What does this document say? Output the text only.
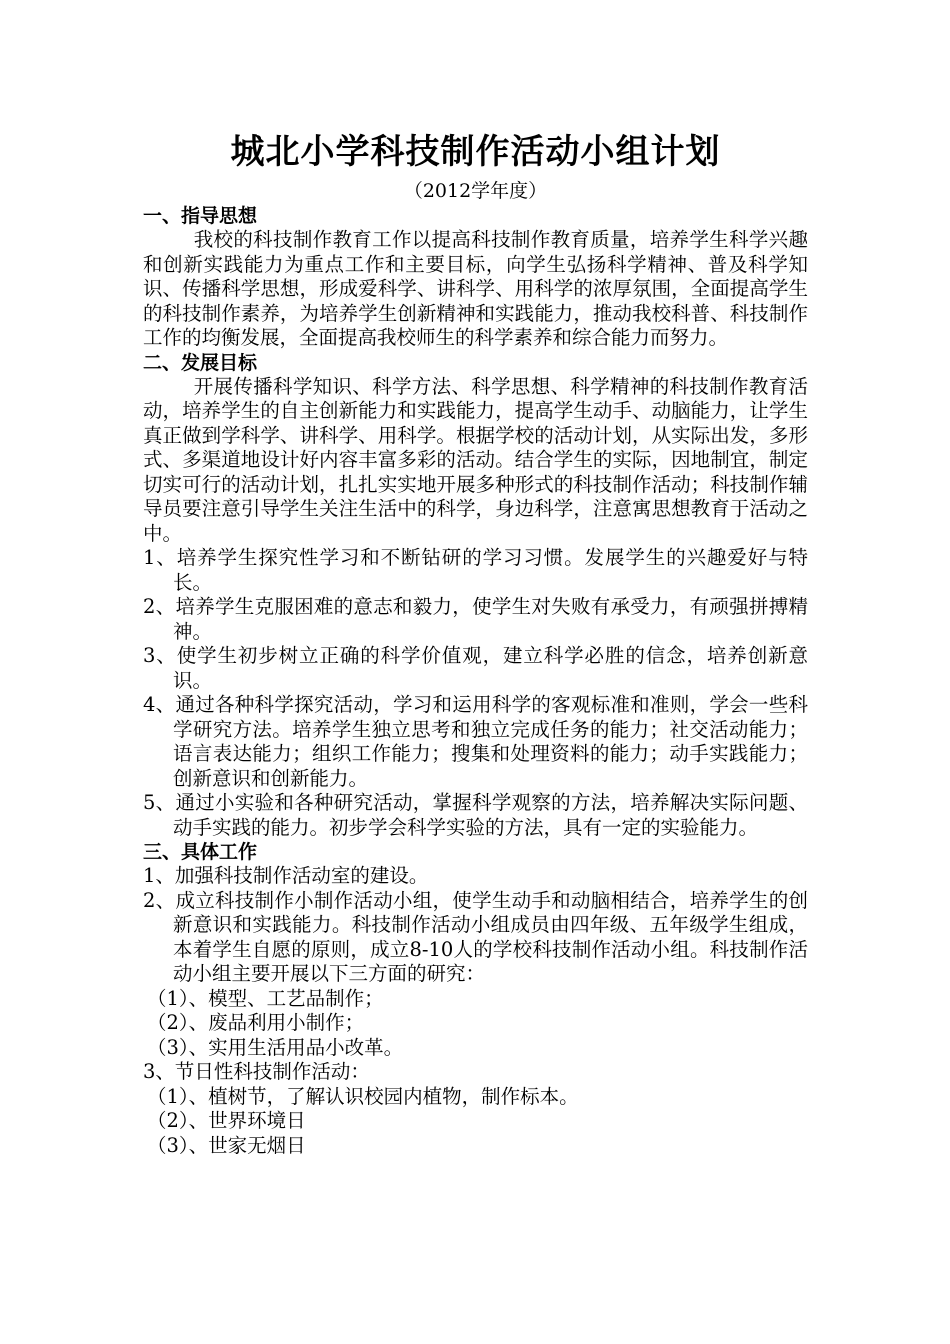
城北小学科技制作活动小组计划

（2012学年度）

一、指导思想

我校的科技制作教育工作以提高科技制作教育质量，培养学生科学兴趣和创新实践能力为重点工作和主要目标，向学生弘扬科学精神、普及科学知识、传播科学思想，形成爱科学、讲科学、用科学的浓厚氛围，全面提高学生的科技制作素养，为培养学生创新精神和实践能力，推动我校科普、科技制作工作的均衡发展，全面提高我校师生的科学素养和综合能力而努力。

二、发展目标

开展传播科学知识、科学方法、科学思想、科学精神的科技制作教育活动，培养学生的自主创新能力和实践能力，提高学生动手、动脑能力，让学生真正做到学科学、讲科学、用科学。根据学校的活动计划，从实际出发，多形式、多渠道地设计好内容丰富多彩的活动。结合学生的实际，因地制宜，制定切实可行的活动计划，扎扎实实地开展多种形式的科技制作活动；科技制作辅导员要注意引导学生关注生活中的科学，身边科学，注意寓思想教育于活动之中。

1、培养学生探究性学习和不断钻研的学习习惯。发展学生的兴趣爱好与特长。

2、培养学生克服困难的意志和毅力，使学生对失败有承受力，有顽强拼搏精神。

3、使学生初步树立正确的科学价值观，建立科学必胜的信念，培养创新意识。

4、通过各种科学探究活动，学习和运用科学的客观标准和准则，学会一些科学研究方法。培养学生独立思考和独立完成任务的能力；社交活动能力；语言表达能力；组织工作能力；搜集和处理资料的能力；动手实践能力；创新意识和创新能力。

5、通过小实验和各种研究活动，掌握科学观察的方法，培养解决实际问题、动手实践的能力。初步学会科学实验的方法，具有一定的实验能力。

三、具体工作

1、加强科技制作活动室的建设。

2、成立科技制作小制作活动小组，使学生动手和动脑相结合，培养学生的创新意识和实践能力。科技制作活动小组成员由四年级、五年级学生组成，本着学生自愿的原则，成立8-10人的学校科技制作活动小组。科技制作活动小组主要开展以下三方面的研究：

（1）、模型、工艺品制作；

（2）、废品利用小制作；

（3）、实用生活用品小改革。

3、节日性科技制作活动：

（1）、植树节，了解认识校园内植物，制作标本。

（2）、世界环境日

（3）、世家无烟日
